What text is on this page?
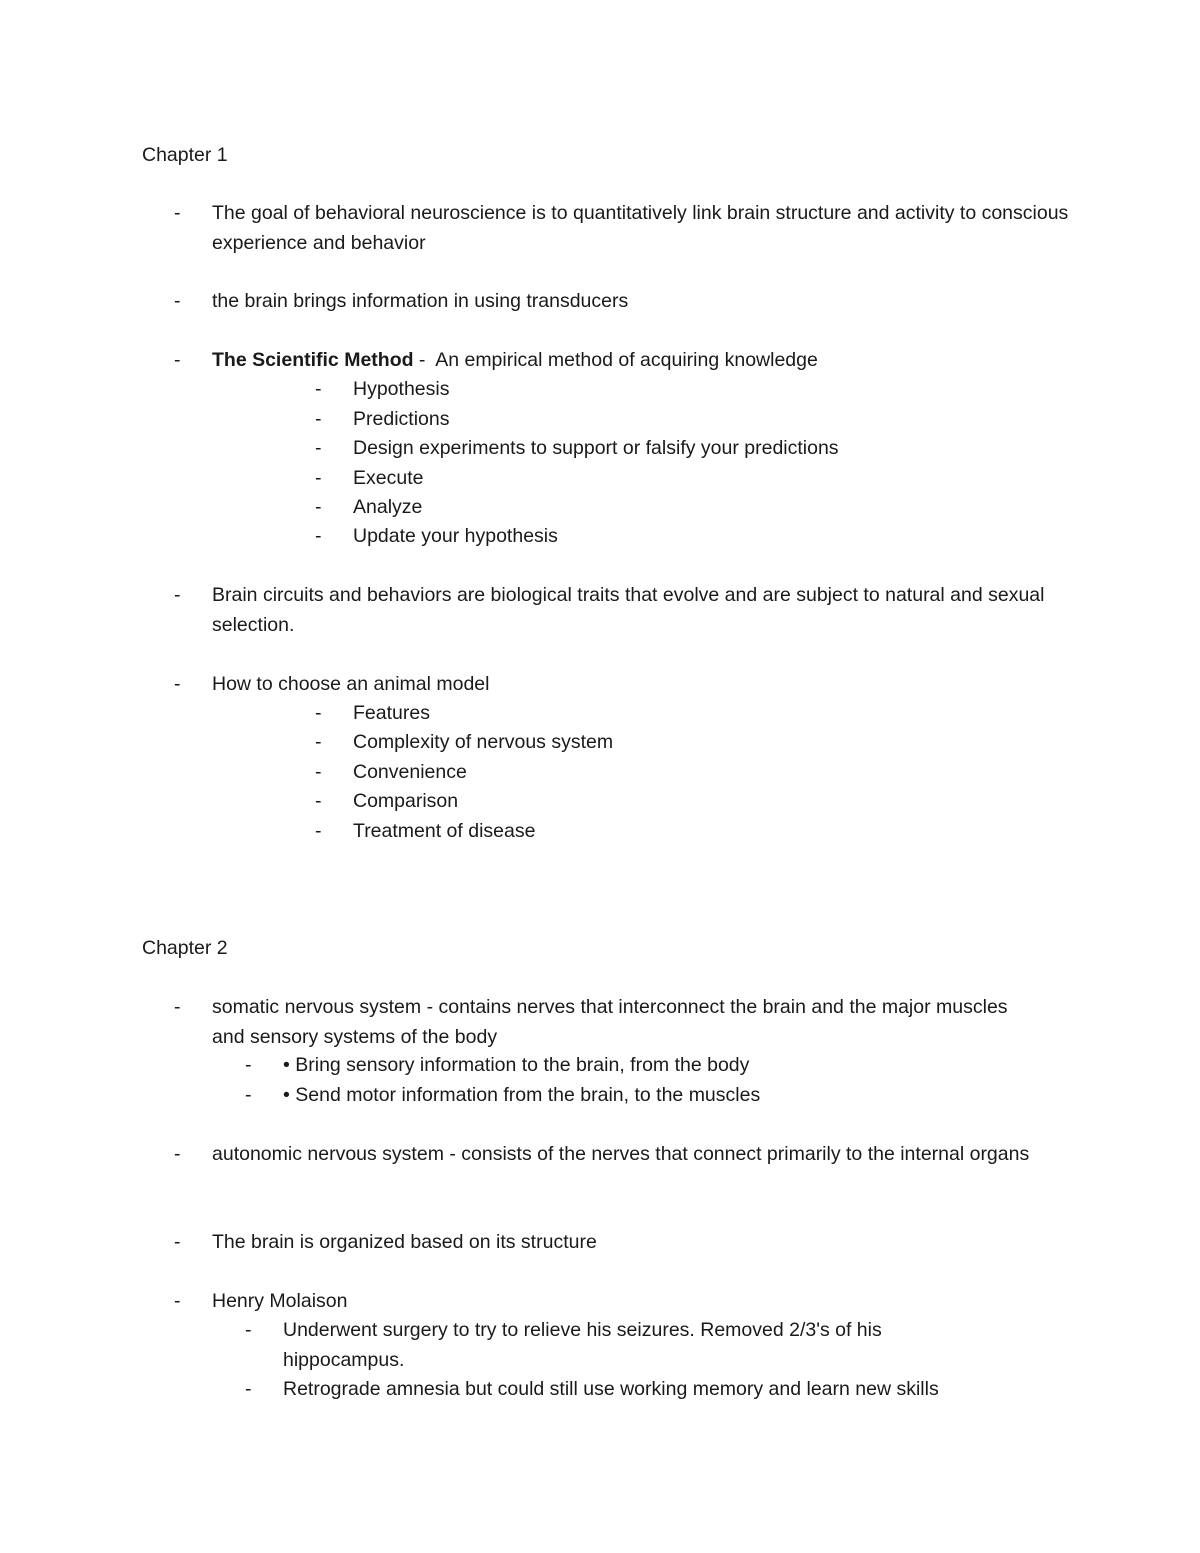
Chapter 1

-	The goal of behavioral neuroscience is to quantitatively link brain structure and activity to conscious experience and behavior

-	the brain brings information in using transducers

-	The Scientific Method -  An empirical method of acquiring knowledge

-	Hypothesis

-	Predictions

-	Design experiments to support or falsify your predictions

-	Execute

-	Analyze

-	Update your hypothesis

-	Brain circuits and behaviors are biological traits that evolve and are subject to natural and sexual selection.

-	How to choose an animal model

-	Features

-	Complexity of nervous system

-	Convenience

-	Comparison

-	Treatment of disease

Chapter 2

-	somatic nervous system - contains nerves that interconnect the brain and the major muscles and sensory systems of the body

-	• Bring sensory information to the brain, from the body

-	• Send motor information from the brain, to the muscles

-	autonomic nervous system - consists of the nerves that connect primarily to the internal organs

-	The brain is organized based on its structure

-	Henry Molaison

-	Underwent surgery to try to relieve his seizures. Removed 2/3's of his hippocampus.

-	Retrograde amnesia but could still use working memory and learn new skills
